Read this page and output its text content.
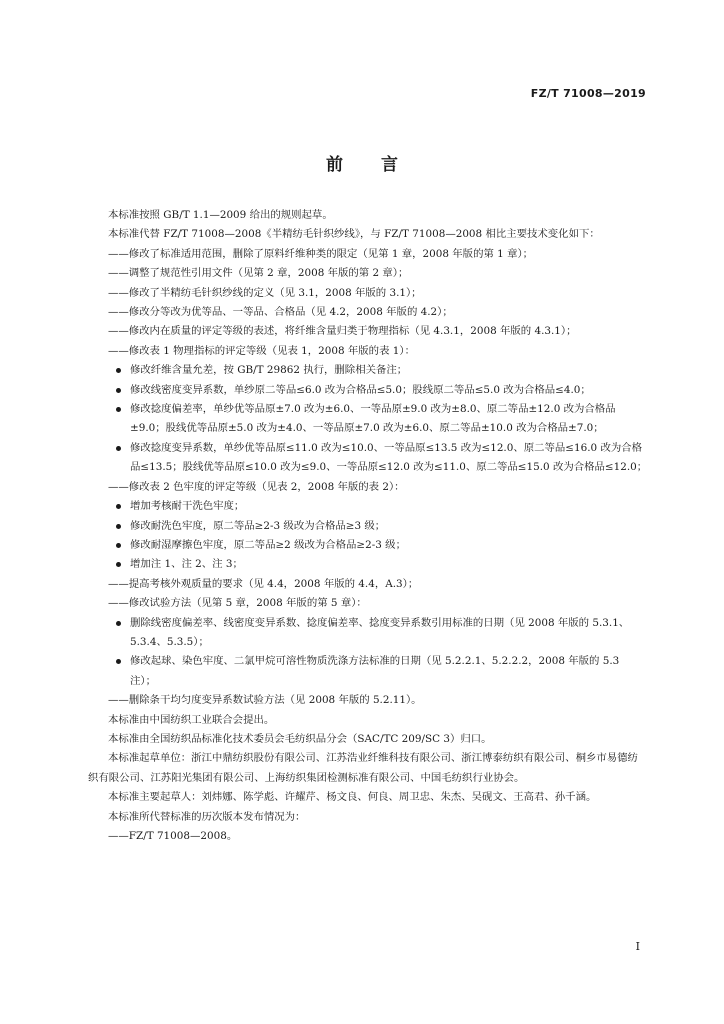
FZ/T 71008—2019
前 言

本标准按照 GB/T 1.1—2009 给出的规则起草。

本标准代替 FZ/T 71008—2008《半精纺毛针织纱线》，与 FZ/T 71008—2008 相比主要技术变化如下：

——修改了标准适用范围，删除了原料纤维种类的限定（见第 1 章，2008 年版的第 1 章）；

——调整了规范性引用文件（见第 2 章，2008 年版的第 2 章）；

——修改了半精纺毛针织纱线的定义（见 3.1，2008 年版的 3.1）；

——修改分等改为优等品、一等品、合格品（见 4.2，2008 年版的 4.2）；

——修改内在质量的评定等级的表述，将纤维含量归类于物理指标（见 4.3.1，2008 年版的 4.3.1）；

——修改表 1 物理指标的评定等级（见表 1，2008 年版的表 1）：

修改纤维含量允差，按 GB/T 29862 执行，删除相关备注；
修改线密度变异系数，单纱原二等品≤6.0 改为合格品≤5.0；股线原二等品≤5.0 改为合格品≤4.0；
修改捻度偏差率，单纱优等品原±7.0 改为±6.0、一等品原±9.0 改为±8.0、原二等品±12.0 改为合格品±9.0；股线优等品原±5.0 改为±4.0、一等品原±7.0 改为±6.0、原二等品±10.0 改为合格品±7.0；
修改捻度变异系数，单纱优等品原≤11.0 改为≤10.0、一等品原≤13.5 改为≤12.0、原二等品≤16.0 改为合格品≤13.5；股线优等品原≤10.0 改为≤9.0、一等品原≤12.0 改为≤11.0、原二等品≤15.0 改为合格品≤12.0；

——修改表 2 色牢度的评定等级（见表 2，2008 年版的表 2）：

增加考核耐干洗色牢度；
修改耐洗色牢度，原二等品≥2-3 级改为合格品≥3 级；
修改耐湿摩擦色牢度，原二等品≥2 级改为合格品≥2-3 级；
增加注 1、注 2、注 3；

——提高考核外观质量的要求（见 4.4，2008 年版的 4.4，A.3）；

——修改试验方法（见第 5 章，2008 年版的第 5 章）：

删除线密度偏差率、线密度变异系数、捻度偏差率、捻度变异系数引用标准的日期（见 2008 年版的 5.3.1、5.3.4、5.3.5）；
修改起球、染色牢度、二氯甲烷可溶性物质洗涤方法标准的日期（见 5.2.2.1、5.2.2.2，2008 年版的 5.3 注）；

——删除条干均匀度变异系数试验方法（见 2008 年版的 5.2.11）。

本标准由中国纺织工业联合会提出。

本标准由全国纺织品标准化技术委员会毛纺织品分会（SAC/TC 209/SC 3）归口。

本标准起草单位：浙江中鼎纺织股份有限公司、江苏浩业纤维科技有限公司、浙江博泰纺织有限公司、桐乡市易德纺织有限公司、江苏阳光集团有限公司、上海纺织集团检测标准有限公司、中国毛纺织行业协会。

本标准主要起草人：刘炜娜、陈学彪、许耀芹、杨文良、何良、周卫忠、朱杰、吴砚文、王高君、孙千涵。

本标准所代替标准的历次版本发布情况为：

——FZ/T 71008—2008。

I
